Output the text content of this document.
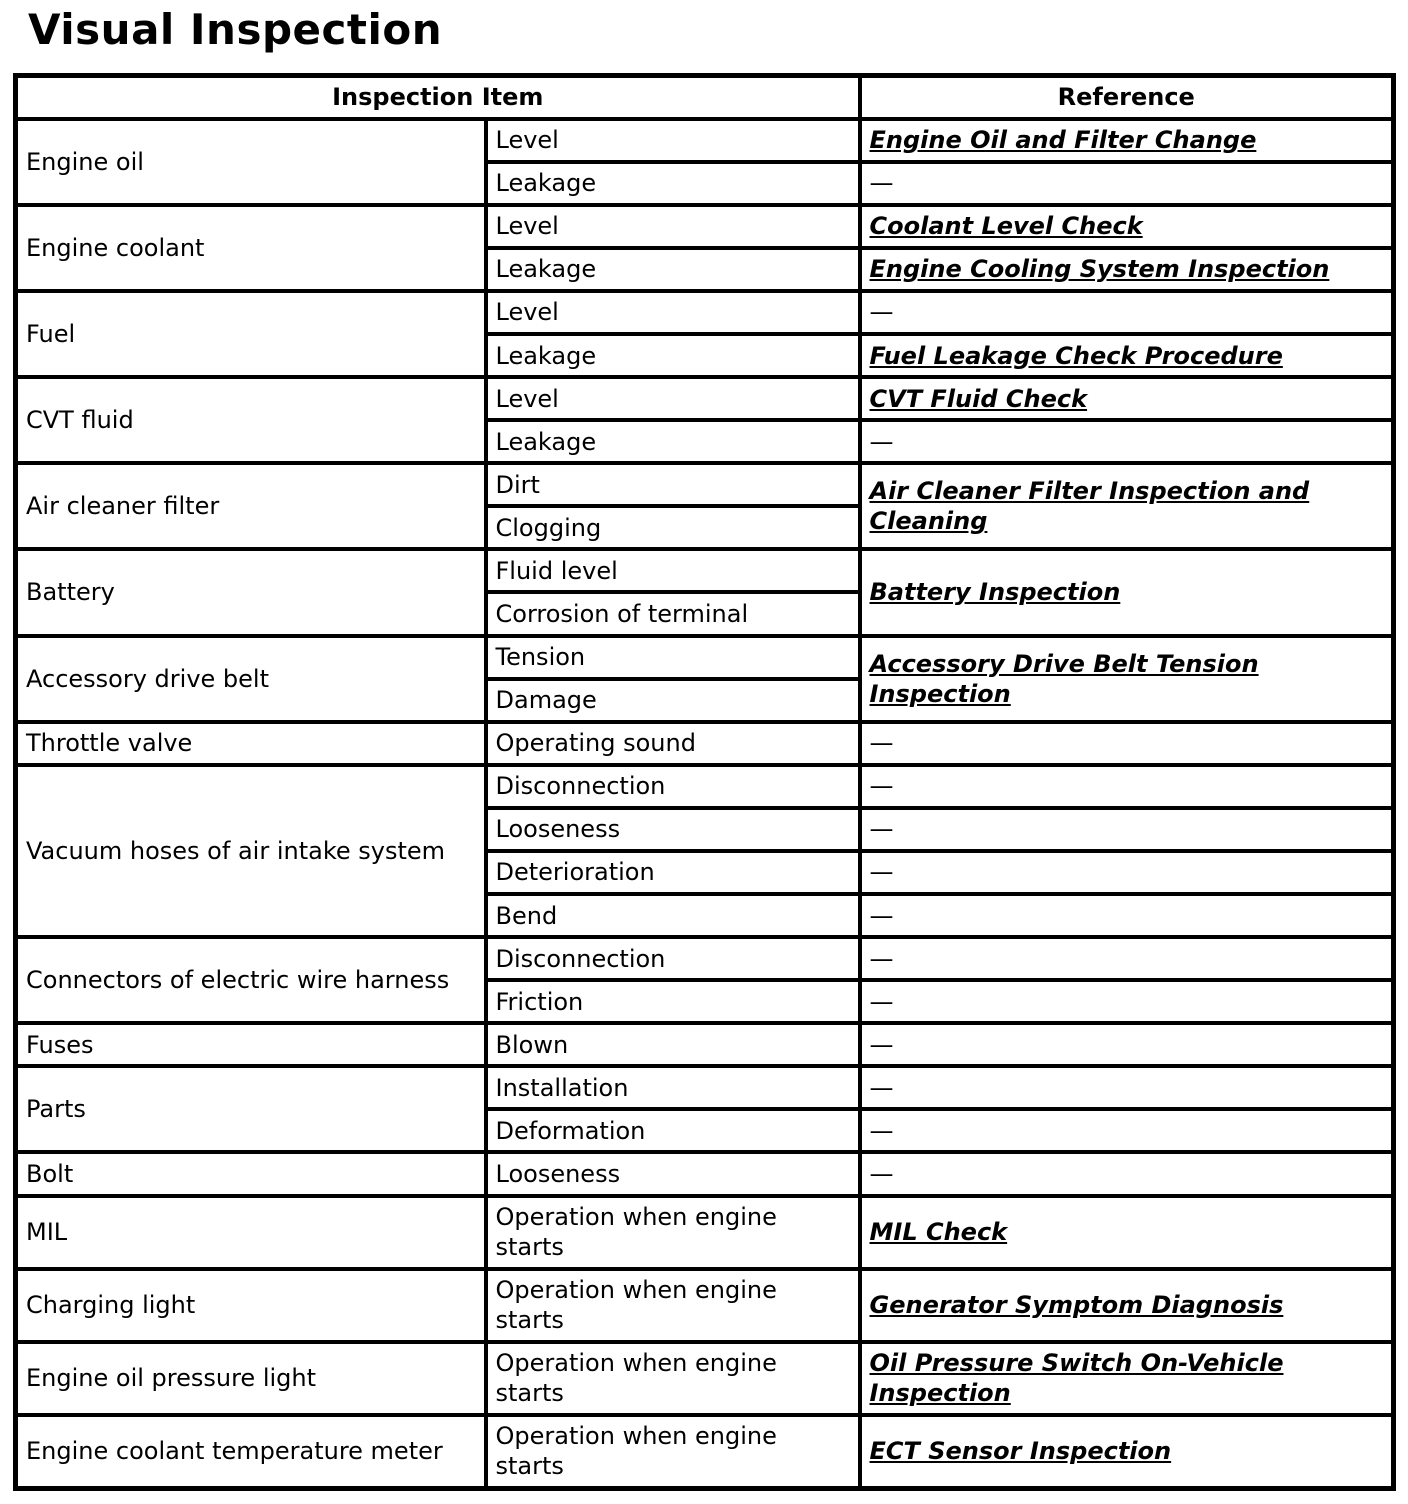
Visual Inspection
Inspection Item		Reference
Engine oil	Level	Engine Oil and Filter Change
	Leakage	—
Engine coolant	Level	Coolant Level Check
	Leakage	Engine Cooling System Inspection
Fuel	Level	—
	Leakage	Fuel Leakage Check Procedure
CVT fluid	Level	CVT Fluid Check
	Leakage	—
Air cleaner filter	Dirt	Air Cleaner Filter Inspection and Cleaning
	Clogging	
Battery	Fluid level	Battery Inspection
	Corrosion of terminal	
Accessory drive belt	Tension	Accessory Drive Belt Tension Inspection
	Damage	
Throttle valve	Operating sound	—
Vacuum hoses of air intake system	Disconnection	—
	Looseness	—
	Deterioration	—
	Bend	—
Connectors of electric wire harness	Disconnection	—
	Friction	—
Fuses	Blown	—
Parts	Installation	—
	Deformation	—
Bolt	Looseness	—
MIL	Operation when engine starts	MIL Check
Charging light	Operation when engine starts	Generator Symptom Diagnosis
Engine oil pressure light	Operation when engine starts	Oil Pressure Switch On-Vehicle Inspection
Engine coolant temperature meter	Operation when engine starts	ECT Sensor Inspection
